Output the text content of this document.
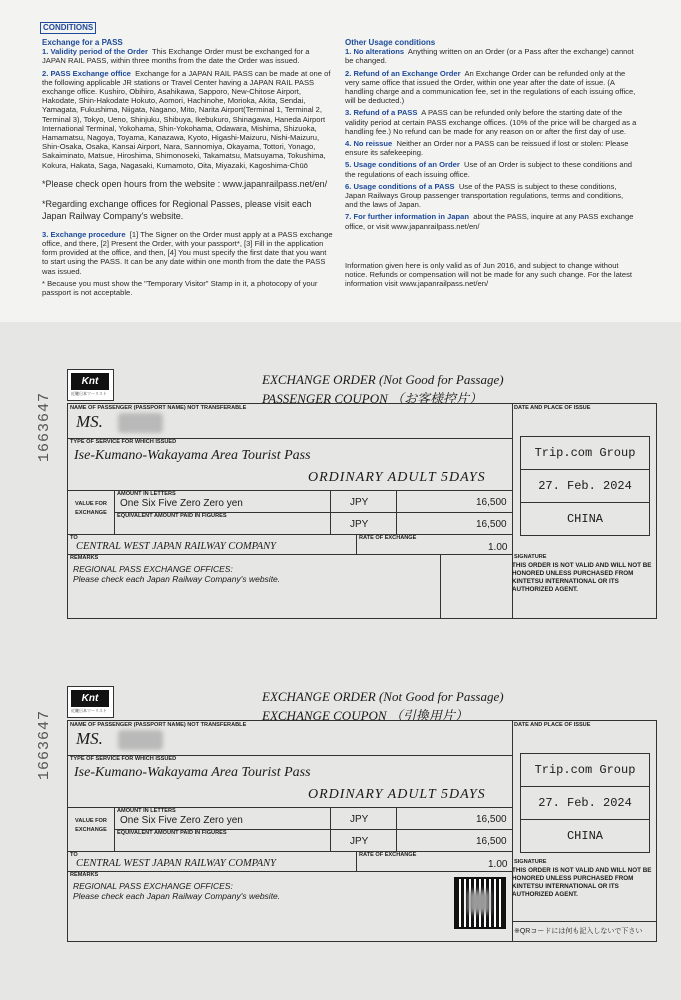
CONDITIONS
Exchange for a PASS

1. Validity period of the Order This Exchange Order must be exchanged for a JAPAN RAIL PASS, within three months from the date the Order was issued.

2. PASS Exchange office Exchange for a JAPAN RAIL PASS can be made at one of the following applicable JR stations or Travel Center having a JAPAN RAIL PASS exchange office. Kushiro, Obihiro, Asahikawa, Sapporo, New-Chitose Airport, Hakodate, Shin-Hakodate Hokuto, Aomori, Hachinohe, Morioka, Akita, Sendai, Yamagata, Fukushima, Niigata, Nagano, Mito, Narita Airport(Terminal 1, Terminal 2, Terminal 3), Tokyo, Ueno, Shinjuku, Shibuya, Ikebukuro, Shinagawa, Haneda Airport International Terminal, Yokohama, Shin-Yokohama, Odawara, Mishima, Shizuoka, Hamamatsu, Nagoya, Toyama, Kanazawa, Kyoto, Higashi-Maizuru, Nishi-Maizuru, Shin-Osaka, Osaka, Kansai Airport, Nara, Sannomiya, Okayama, Tottori, Yonago, Sakaiminato, Matsue, Hiroshima, Shimonoseki, Takamatsu, Matsuyama, Tokushima, Kokura, Hakata, Saga, Nagasaki, Kumamoto, Oita, Miyazaki, Kagoshima-Chūō

*Please check open hours from the website : www.japanrailpass.net/en/

*Regarding exchange offices for Regional Passes, please visit each Japan Railway Company's website.

3. Exchange procedure [1] The Signer on the Order must apply at a PASS exchange office, and there, [2] Present the Order, with your passport*, [3] Fill in the application form provided at the office, and then, [4] You must specify the first date that you want to start using the PASS. It can be any date within one month from the date the PASS was issued.

* Because you must show the "Temporary Visitor" Stamp in it, a photocopy of your passport is not acceptable.

Other Usage conditions

1. No alterations Anything written on an Order (or a Pass after the exchange) cannot be changed.

2. Refund of an Exchange Order An Exchange Order can be refunded only at the very same office that issued the Order, within one year after the date of issue. (A handling charge and a communication fee, set in the regulations of each issuing office, will be deducted.)

3. Refund of a PASS A PASS can be refunded only before the starting date of the validity period at certain PASS exchange offices. (10% of the price will be charged as a handling fee.) No refund can be made for any reason on or after the first day of use.

4. No reissue Neither an Order nor a PASS can be reissued if lost or stolen: Please ensure its safekeeping.

5. Usage conditions of an Order Use of an Order is subject to these conditions and the regulations of each issuing office.

6. Usage conditions of a PASS Use of the PASS is subject to these conditions, Japan Railways Group passenger transportation regulations, terms and conditions, and the laws of Japan.

7. For further information in Japan about the PASS, inquire at any PASS exchange office, or visit www.japanrailpass.net/en/

Information given here is only valid as of Jun 2016, and subject to change without notice. Refunds or compensation will not be made for any such change. For the latest information visit www.japanrailpass.net/en/

1663647
Knt
近畿日本ツーリスト
EXCHANGE ORDER (Not Good for Passage)
PASSENGER COUPON （お客様控片）
NAME OF PASSENGER (PASSPORT NAME) NOT TRANSFERABLE
MS.
DATE AND PLACE OF ISSUE
TYPE OF SERVICE FOR WHICH ISSUED
Ise-Kumano-Wakayama Area Tourist Pass
ORDINARY ADULT 5DAYS
VALUE FOR EXCHANGE
AMOUNT IN LETTERS
One Six Five Zero Zero yen
EQUIVALENT AMOUNT PAID IN FIGURES
JPY	16,500
JPY	16,500
TO
CENTRAL WEST JAPAN RAILWAY COMPANY
RATE OF EXCHANGE
1.00
REMARKS
REGIONAL PASS EXCHANGE OFFICES:
Please check each Japan Railway Company's website.
Trip.com Group
27. Feb. 2024
CHINA
SIGNATURE
THIS ORDER IS NOT VALID AND WILL NOT BE HONORED UNLESS PURCHASED FROM KINTETSU INTERNATIONAL OR ITS AUTHORIZED AGENT.
1663647
Knt
近畿日本ツーリスト
EXCHANGE ORDER (Not Good for Passage)
EXCHANGE COUPON （引換用片）
NAME OF PASSENGER (PASSPORT NAME) NOT TRANSFERABLE
MS.
DATE AND PLACE OF ISSUE
TYPE OF SERVICE FOR WHICH ISSUED
Ise-Kumano-Wakayama Area Tourist Pass
ORDINARY ADULT 5DAYS
VALUE FOR EXCHANGE
AMOUNT IN LETTERS
One Six Five Zero Zero yen
EQUIVALENT AMOUNT PAID IN FIGURES
JPY	16,500
JPY	16,500
TO
CENTRAL WEST JAPAN RAILWAY COMPANY
RATE OF EXCHANGE
1.00
REMARKS
REGIONAL PASS EXCHANGE OFFICES:
Please check each Japan Railway Company's website.
Trip.com Group
27. Feb. 2024
CHINA
SIGNATURE
THIS ORDER IS NOT VALID AND WILL NOT BE HONORED UNLESS PURCHASED FROM KINTETSU INTERNATIONAL OR ITS AUTHORIZED AGENT.
※QRコードには何も記入しないで下さい
